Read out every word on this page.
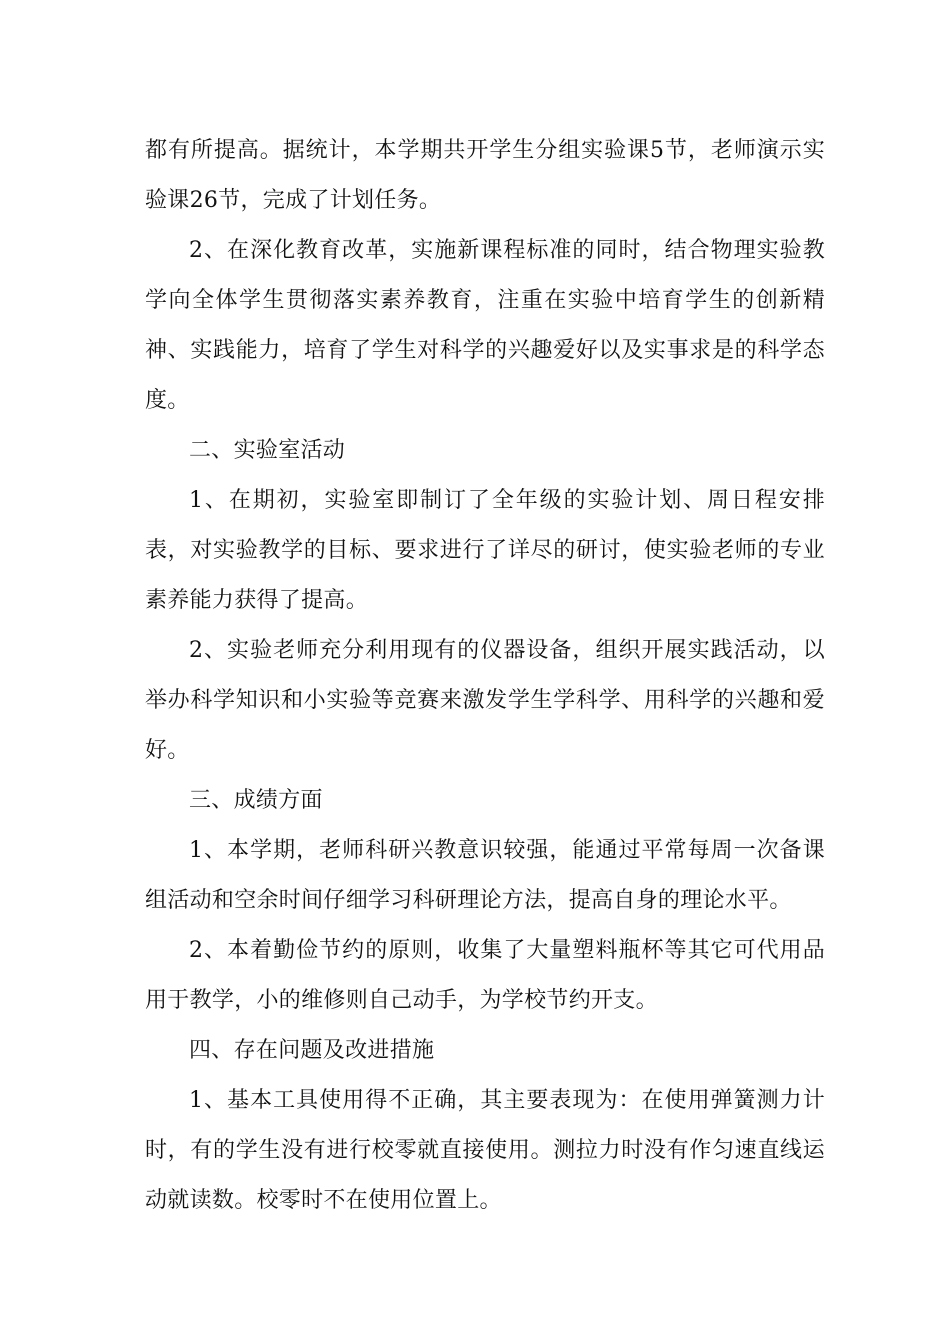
都有所提高。据统计，本学期共开学生分组实验课5节，老师演示实验课26节，完成了计划任务。

2、在深化教育改革，实施新课程标准的同时，结合物理实验教学向全体学生贯彻落实素养教育，注重在实验中培育学生的创新精神、实践能力，培育了学生对科学的兴趣爱好以及实事求是的科学态度。

二、实验室活动

1、在期初，实验室即制订了全年级的实验计划、周日程安排表，对实验教学的目标、要求进行了详尽的研讨，使实验老师的专业素养能力获得了提高。

2、实验老师充分利用现有的仪器设备，组织开展实践活动，以举办科学知识和小实验等竞赛来激发学生学科学、用科学的兴趣和爱好。

三、成绩方面

1、本学期，老师科研兴教意识较强，能通过平常每周一次备课组活动和空余时间仔细学习科研理论方法，提高自身的理论水平。

2、本着勤俭节约的原则，收集了大量塑料瓶杯等其它可代用品用于教学，小的维修则自己动手，为学校节约开支。

四、存在问题及改进措施

1、基本工具使用得不正确，其主要表现为：在使用弹簧测力计时，有的学生没有进行校零就直接使用。测拉力时没有作匀速直线运动就读数。校零时不在使用位置上。
